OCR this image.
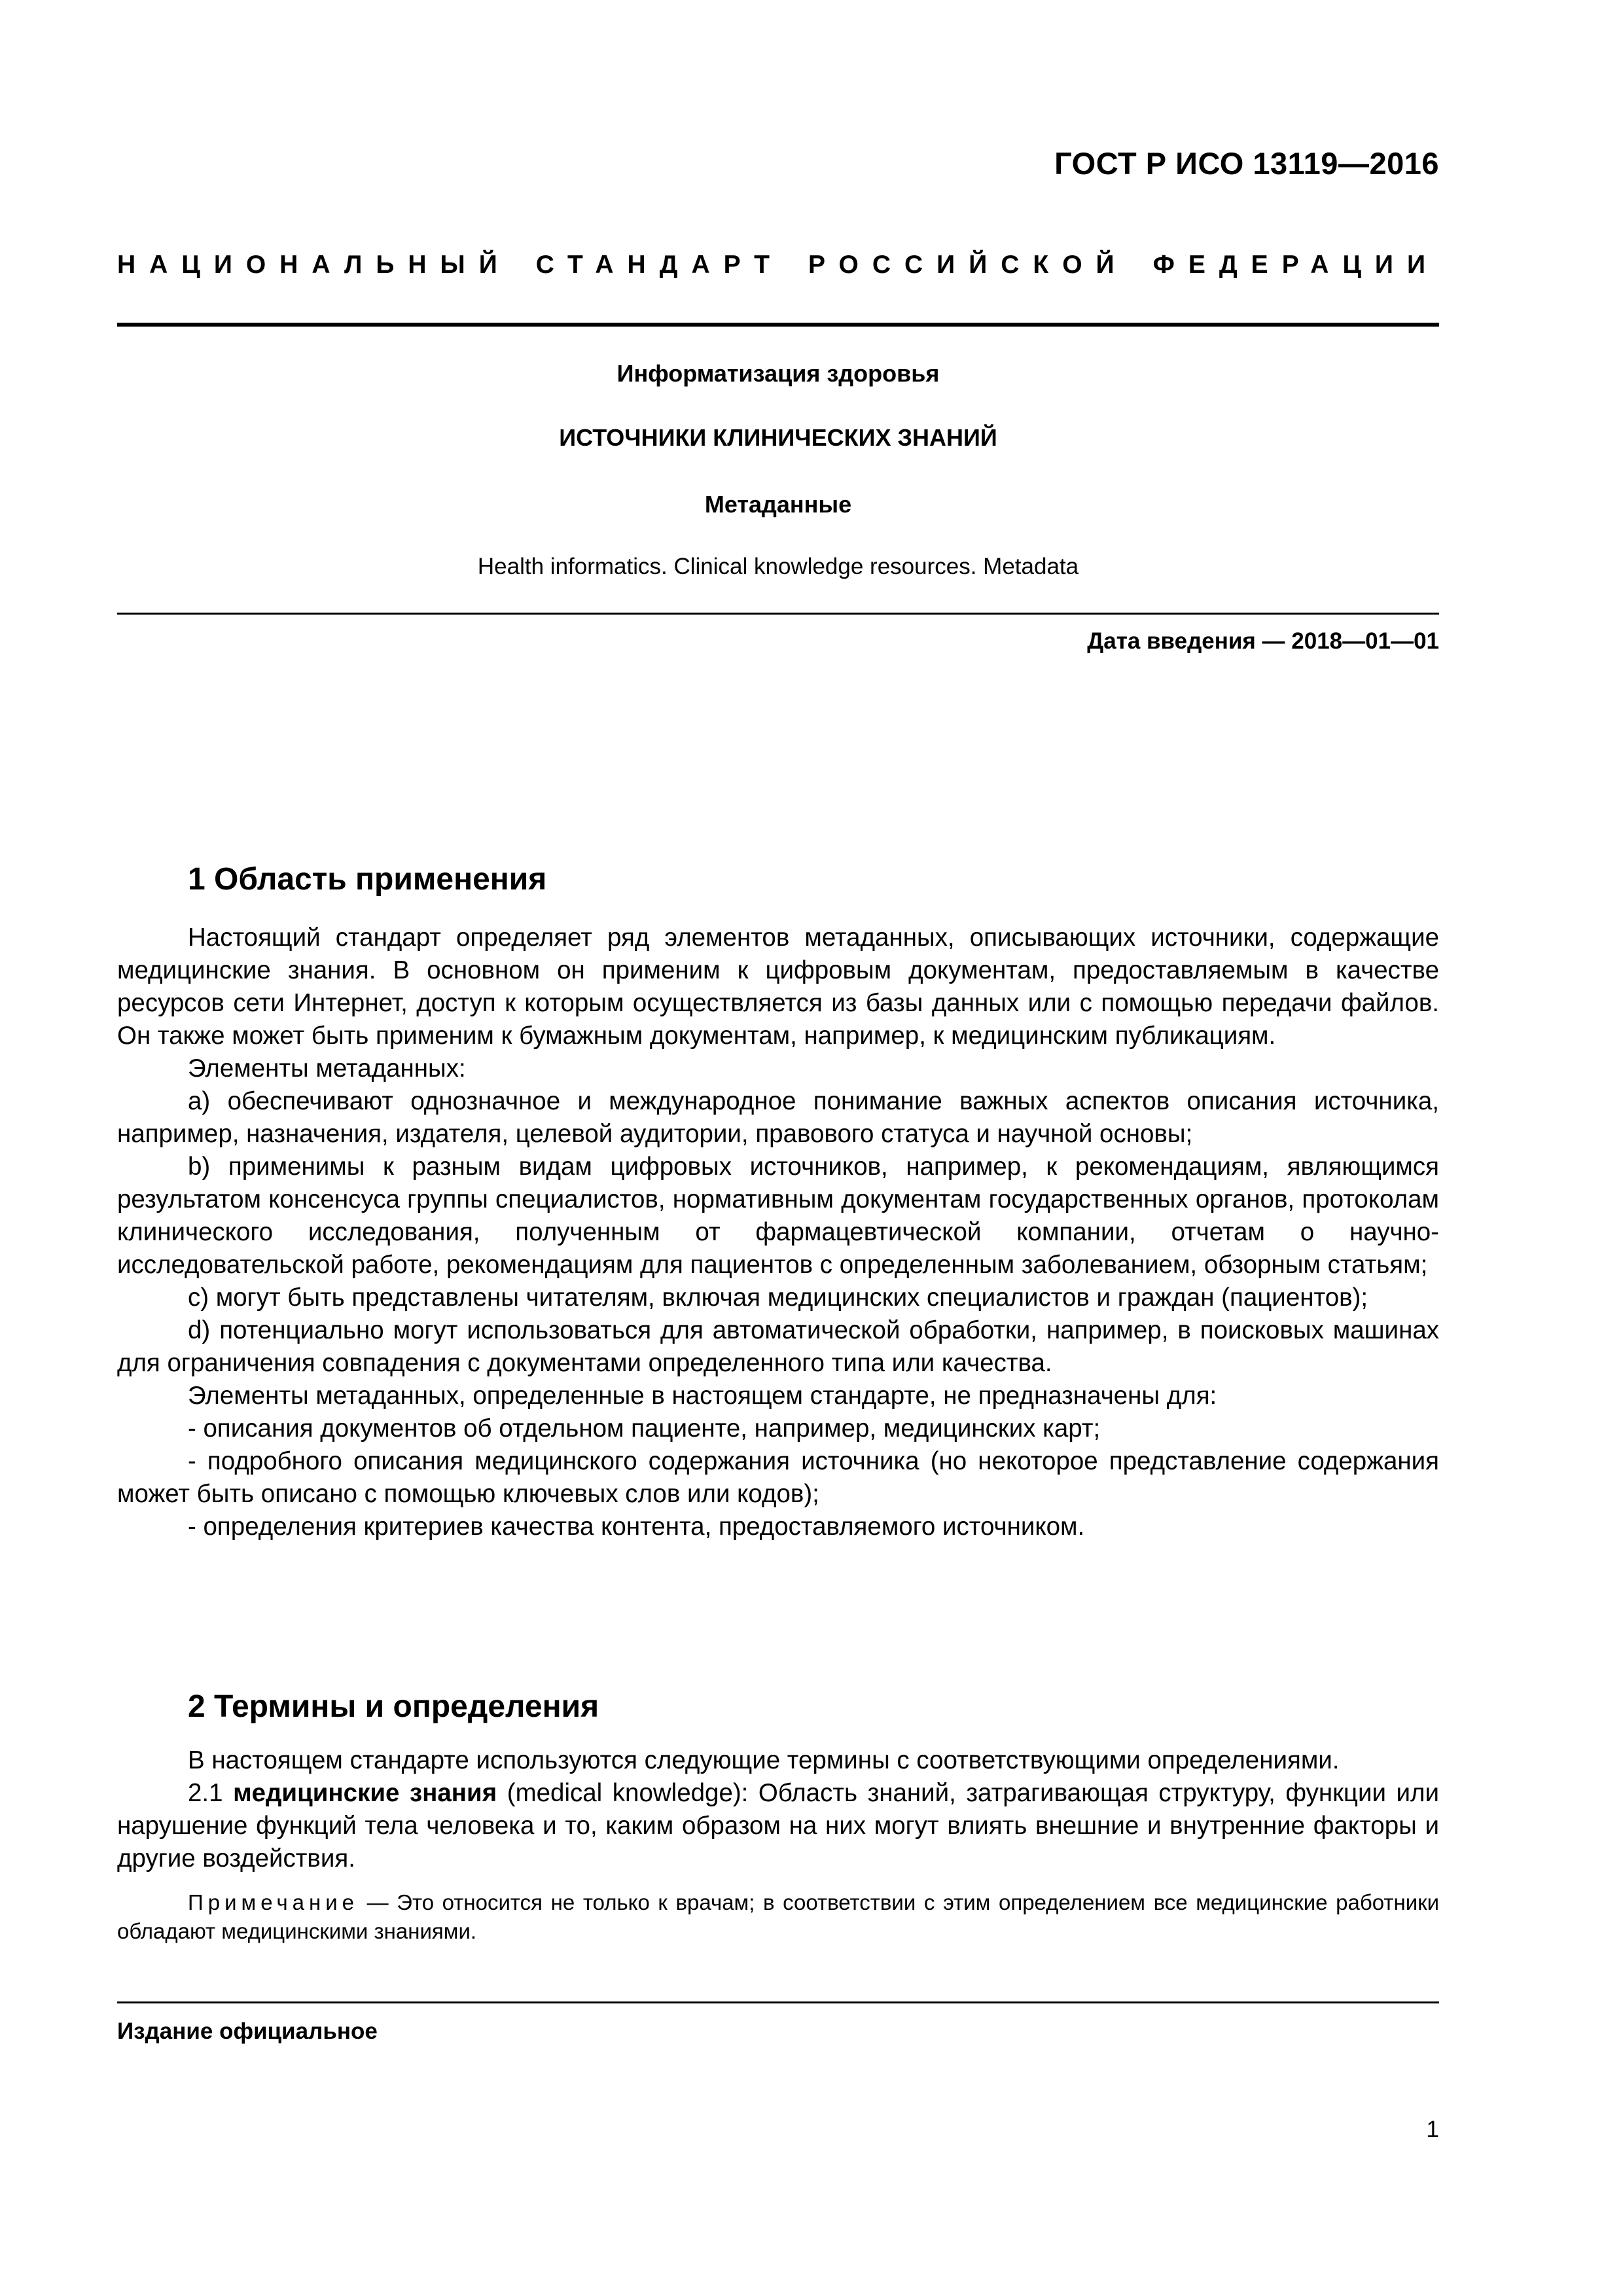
ГОСТ Р ИСО 13119—2016
НАЦИОНАЛЬНЫЙ СТАНДАРТ РОССИЙСКОЙ ФЕДЕРАЦИИ
Информатизация здоровья
ИСТОЧНИКИ КЛИНИЧЕСКИХ ЗНАНИЙ
Метаданные
Health informatics. Clinical knowledge resources. Metadata
Дата введения — 2018—01—01
1 Область применения

Настоящий стандарт определяет ряд элементов метаданных, описывающих источники, содержащие медицинские знания. В основном он применим к цифровым документам, предоставляемым в качестве ресурсов сети Интернет, доступ к которым осуществляется из базы данных или с помощью передачи файлов. Он также может быть применим к бумажным документам, например, к медицинским публикациям.

Элементы метаданных:

a) обеспечивают однозначное и международное понимание важных аспектов описания источника, например, назначения, издателя, целевой аудитории, правового статуса и научной основы;

b) применимы к разным видам цифровых источников, например, к рекомендациям, являющимся результатом консенсуса группы специалистов, нормативным документам государственных органов, протоколам клинического исследования, полученным от фармацевтической компании, отчетам о научно-исследовательской работе, рекомендациям для пациентов с определенным заболеванием, обзорным статьям;

c) могут быть представлены читателям, включая медицинских специалистов и граждан (пациентов);

d) потенциально могут использоваться для автоматической обработки, например, в поисковых машинах для ограничения совпадения с документами определенного типа или качества.

Элементы метаданных, определенные в настоящем стандарте, не предназначены для:

- описания документов об отдельном пациенте, например, медицинских карт;

- подробного описания медицинского содержания источника (но некоторое представление содержания может быть описано с помощью ключевых слов или кодов);

- определения критериев качества контента, предоставляемого источником.

2 Термины и определения

В настоящем стандарте используются следующие термины с соответствующими определениями.

2.1 медицинские знания (medical knowledge): Область знаний, затрагивающая структуру, функции или нарушение функций тела человека и то, каким образом на них могут влиять внешние и внутренние факторы и другие воздействия.

Примечание — Это относится не только к врачам; в соответствии с этим определением все медицинские работники обладают медицинскими знаниями.
Издание официальное
1
